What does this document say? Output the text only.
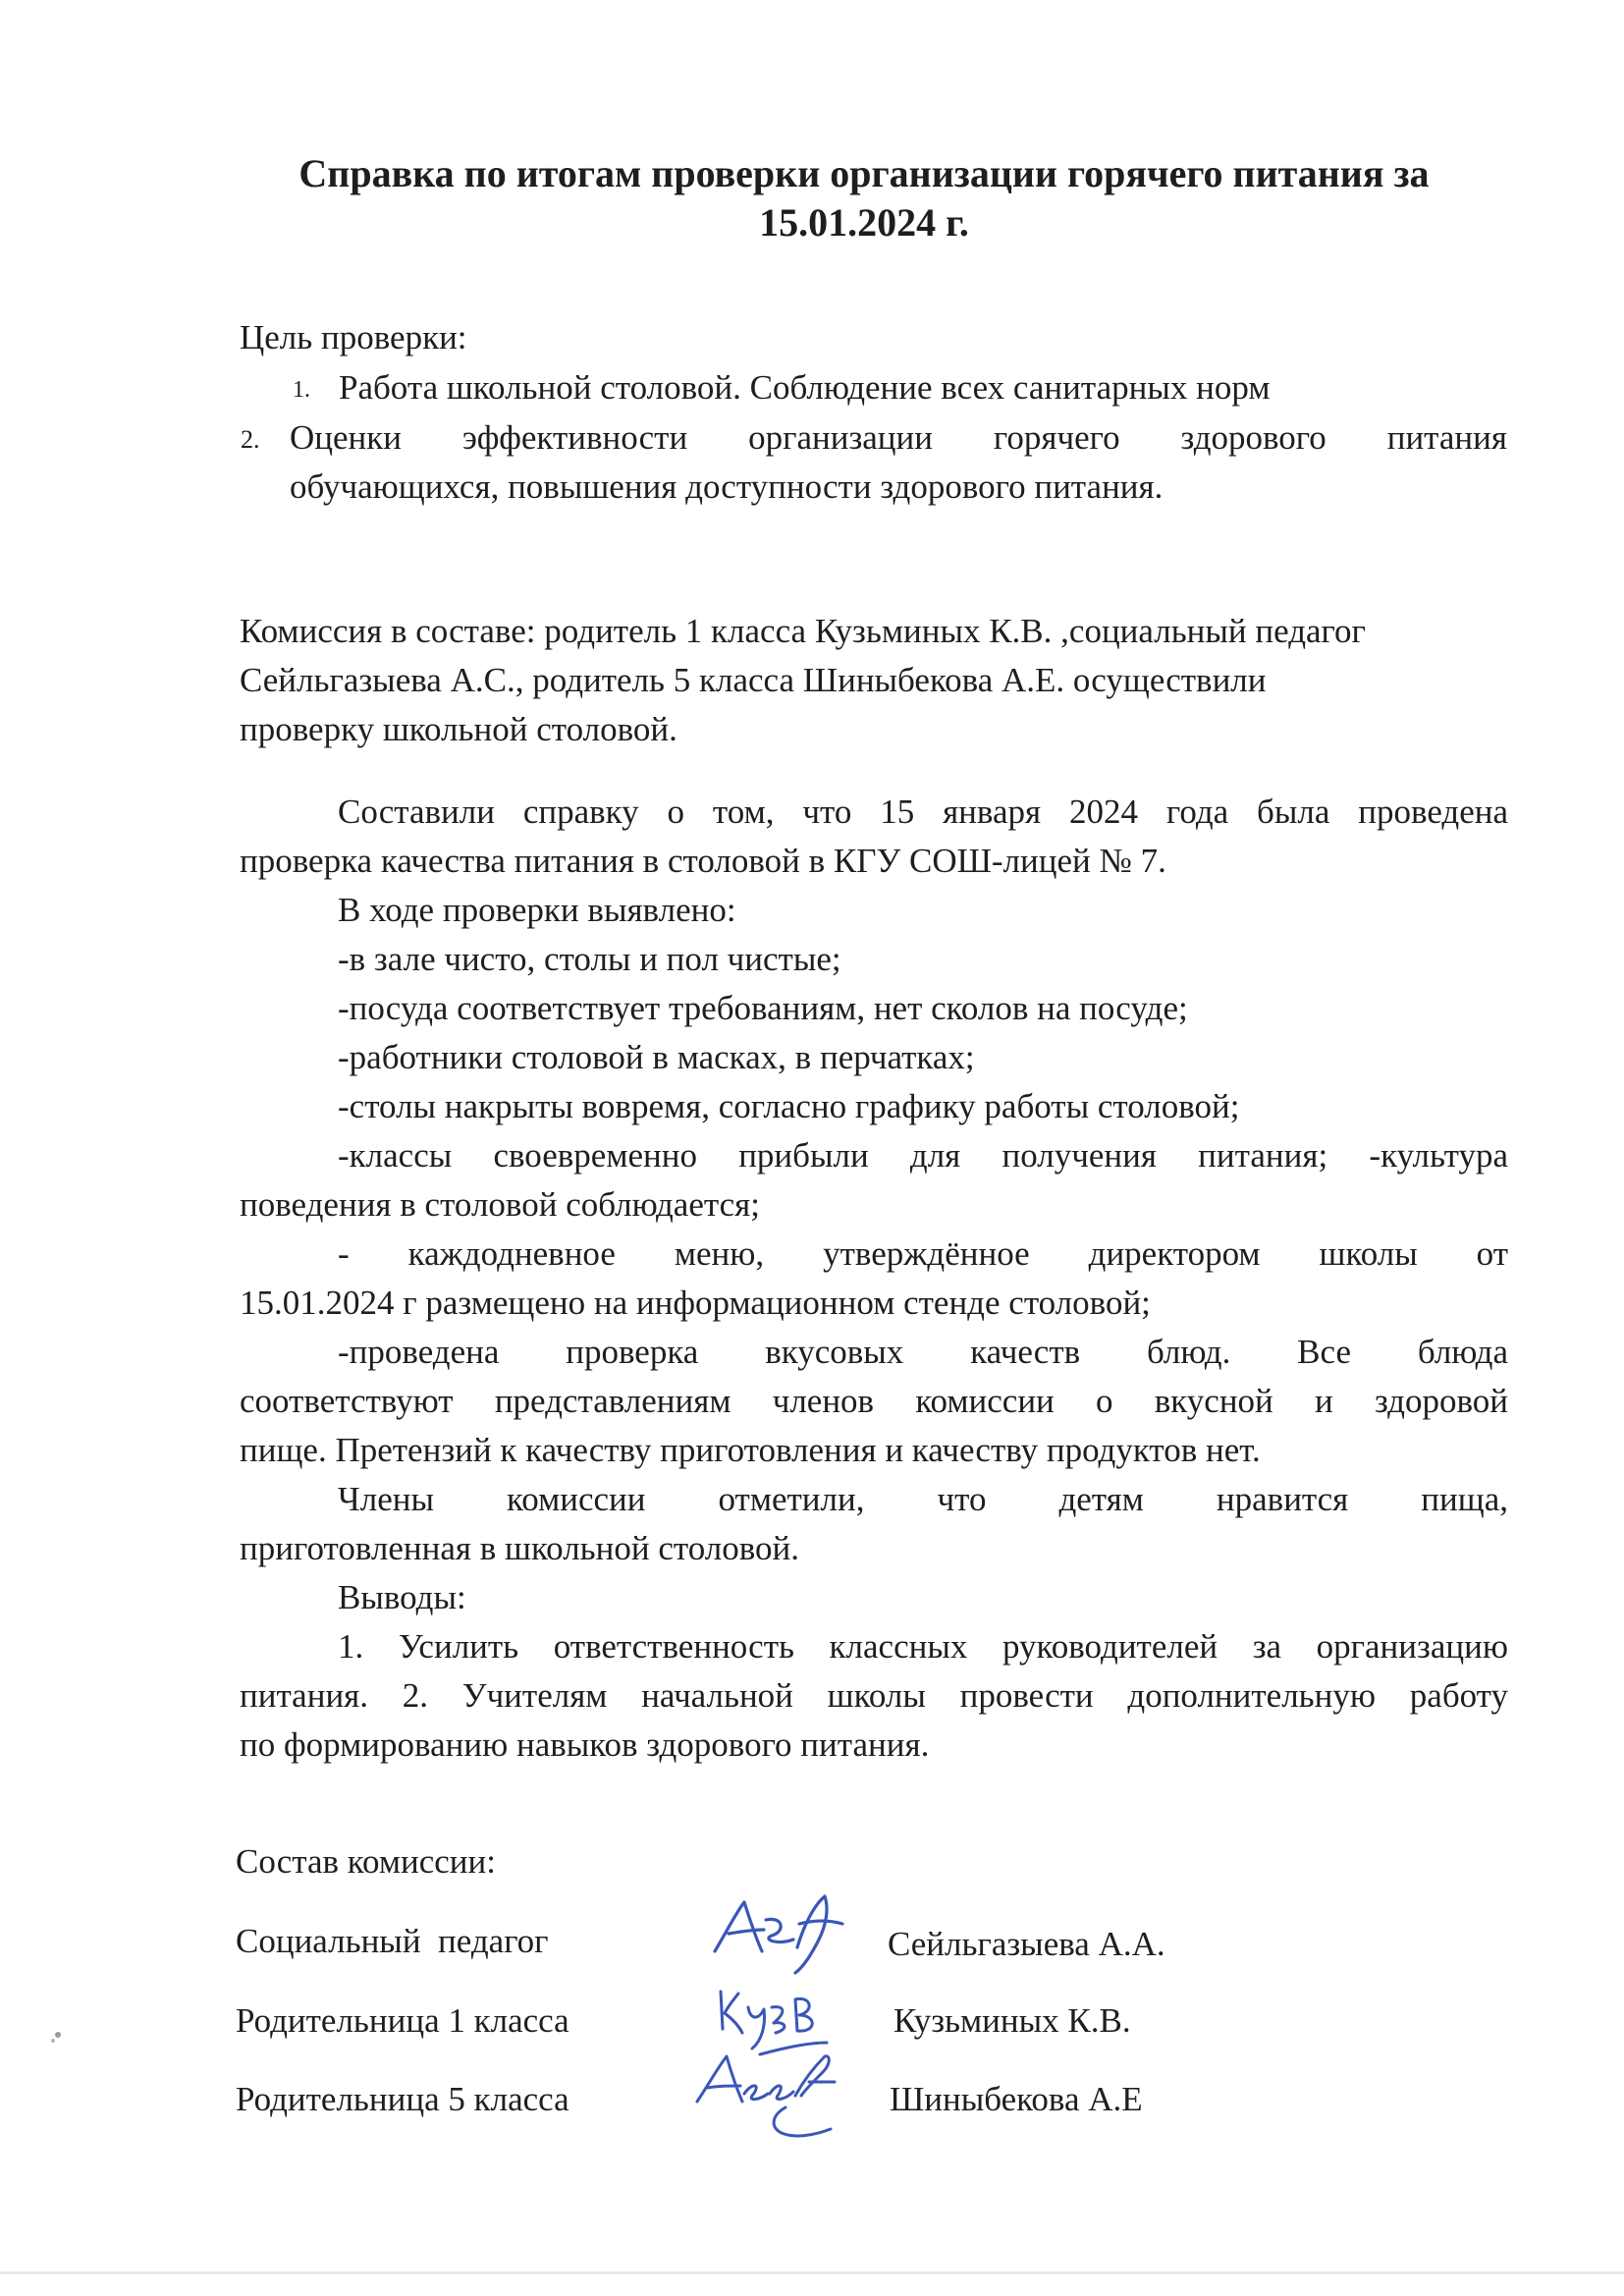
Справка по итогам проверки организации горячего питания за
15.01.2024 г.
Цель проверки:
1. Работа школьной столовой. Соблюдение всех санитарных норм
2. Оценки эффективности организации горячего здорового питания
обучающихся, повышения доступности здорового питания.
Комиссия в составе: родитель 1 класса Кузьминых К.В. ,социальный педагог
Сейльгазыева А.С., родитель 5 класса Шиныбекова А.Е. осуществили
проверку школьной столовой.
Составили справку о том, что 15 января 2024 года была проведена
проверка качества питания в столовой в КГУ СОШ-лицей № 7.
В ходе проверки выявлено:
-в зале чисто, столы и пол чистые;
-посуда соответствует требованиям, нет сколов на посуде;
-работники столовой в масках, в перчатках;
-столы накрыты вовремя, согласно графику работы столовой;
-классы своевременно прибыли для получения питания; -культура
поведения в столовой соблюдается;
- каждодневное меню, утверждённое директором школы от
15.01.2024 г размещено на информационном стенде столовой;
-проведена проверка вкусовых качеств блюд. Все блюда
соответствуют представлениям членов комиссии о вкусной и здоровой
пище. Претензий к качеству приготовления и качеству продуктов нет.
Члены комиссии отметили, что детям нравится пища,
приготовленная в школьной столовой.
Выводы:
1. Усилить ответственность классных руководителей за организацию
питания. 2. Учителям начальной школы провести дополнительную работу
по формированию навыков здорового питания.
Состав комиссии:
Социальный  педагог	Сейльгазыева А.А.
Родительница 1 класса	Кузьминых К.В.
Родительница 5 класса	Шиныбекова А.Е
